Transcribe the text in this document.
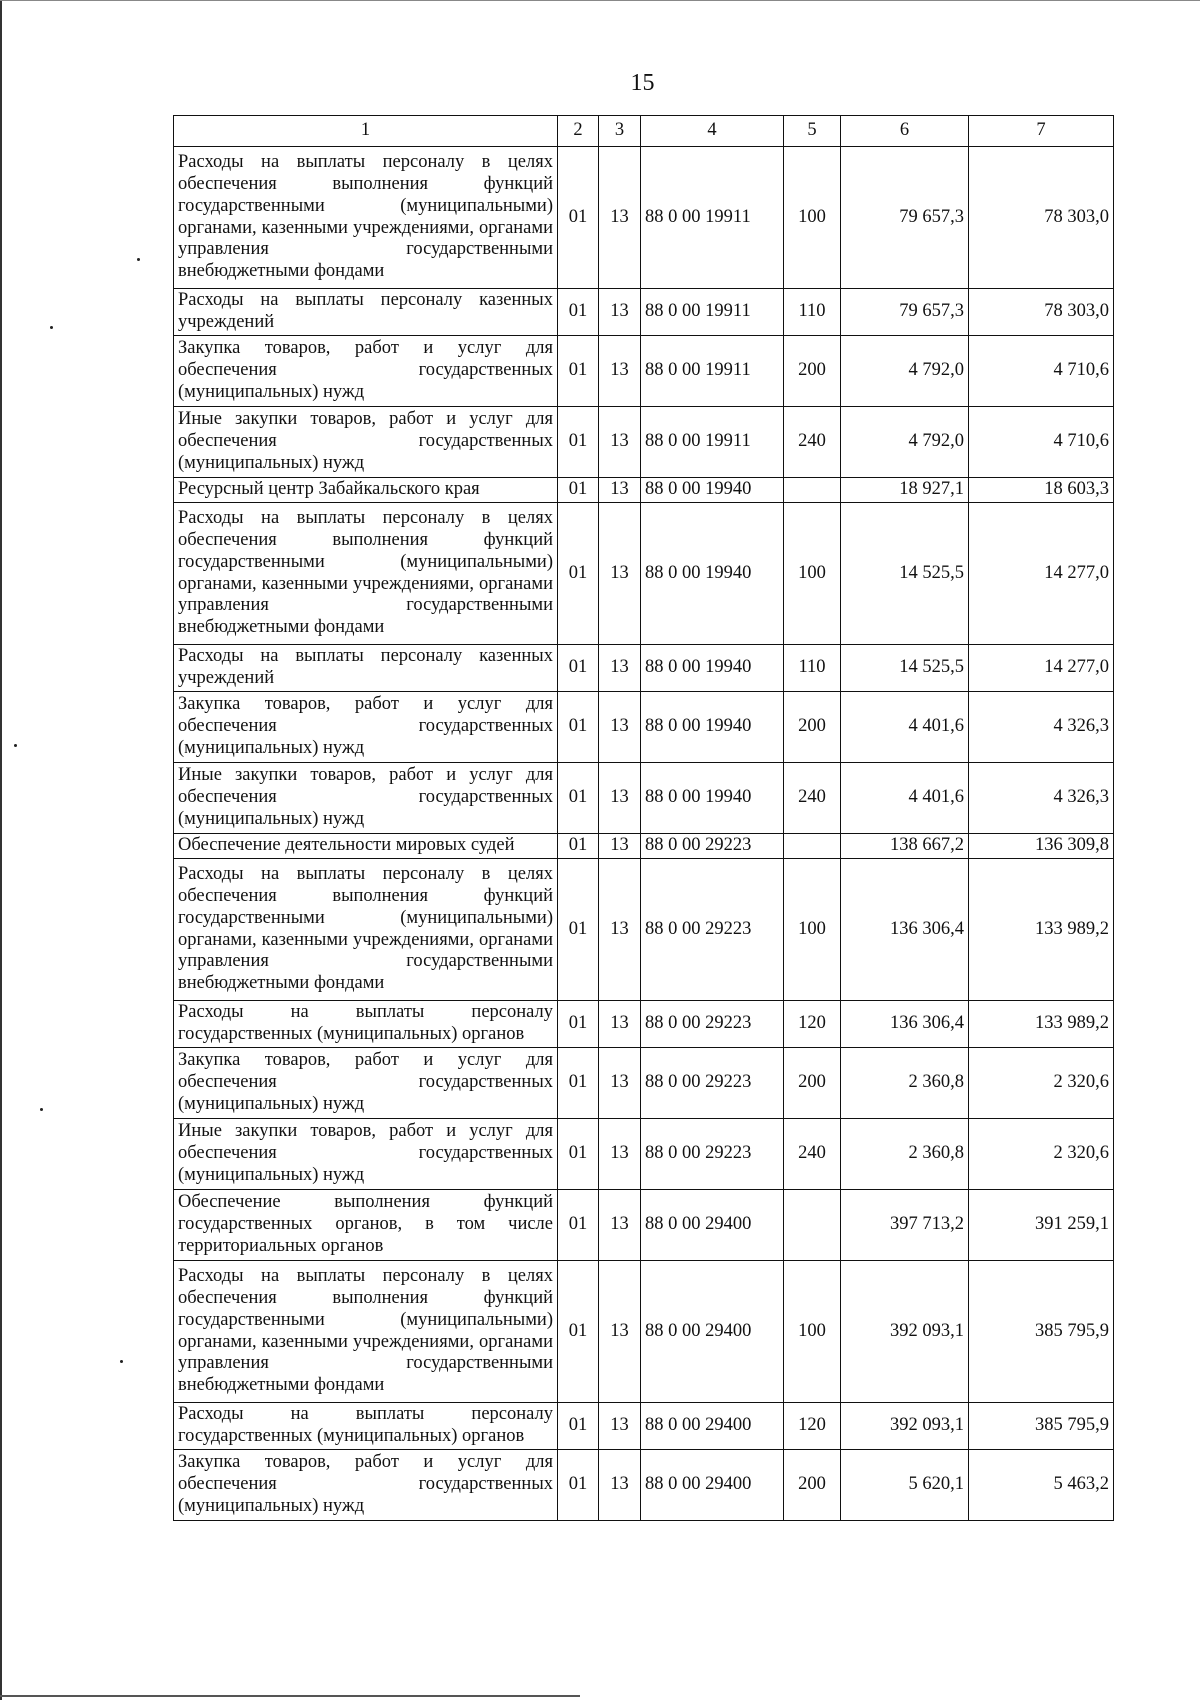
15
1	2	3	4	5	6	7
Расходы на выплаты персоналу в целях обеспечения выполнения функций государственными (муниципальными) органами, казенными учреждениями, органами управления государственными внебюджетными фондами	01	13	88 0 00 19911	100	79 657,3	78 303,0
Расходы на выплаты персоналу казенных учреждений	01	13	88 0 00 19911	110	79 657,3	78 303,0
Закупка товаров, работ и услуг для обеспечения государственных (муниципальных) нужд	01	13	88 0 00 19911	200	4 792,0	4 710,6
Иные закупки товаров, работ и услуг для обеспечения государственных (муниципальных) нужд	01	13	88 0 00 19911	240	4 792,0	4 710,6
Ресурсный центр Забайкальского края	01	13	88 0 00 19940		18 927,1	18 603,3
Расходы на выплаты персоналу в целях обеспечения выполнения функций государственными (муниципальными) органами, казенными учреждениями, органами управления государственными внебюджетными фондами	01	13	88 0 00 19940	100	14 525,5	14 277,0
Расходы на выплаты персоналу казенных учреждений	01	13	88 0 00 19940	110	14 525,5	14 277,0
Закупка товаров, работ и услуг для обеспечения государственных (муниципальных) нужд	01	13	88 0 00 19940	200	4 401,6	4 326,3
Иные закупки товаров, работ и услуг для обеспечения государственных (муниципальных) нужд	01	13	88 0 00 19940	240	4 401,6	4 326,3
Обеспечение деятельности мировых судей	01	13	88 0 00 29223		138 667,2	136 309,8
Расходы на выплаты персоналу в целях обеспечения выполнения функций государственными (муниципальными) органами, казенными учреждениями, органами управления государственными внебюджетными фондами	01	13	88 0 00 29223	100	136 306,4	133 989,2
Расходы на выплаты персоналу государственных (муниципальных) органов	01	13	88 0 00 29223	120	136 306,4	133 989,2
Закупка товаров, работ и услуг для обеспечения государственных (муниципальных) нужд	01	13	88 0 00 29223	200	2 360,8	2 320,6
Иные закупки товаров, работ и услуг для обеспечения государственных (муниципальных) нужд	01	13	88 0 00 29223	240	2 360,8	2 320,6
Обеспечение выполнения функций государственных органов, в том числе территориальных органов	01	13	88 0 00 29400		397 713,2	391 259,1
Расходы на выплаты персоналу в целях обеспечения выполнения функций государственными (муниципальными) органами, казенными учреждениями, органами управления государственными внебюджетными фондами	01	13	88 0 00 29400	100	392 093,1	385 795,9
Расходы на выплаты персоналу государственных (муниципальных) органов	01	13	88 0 00 29400	120	392 093,1	385 795,9
Закупка товаров, работ и услуг для обеспечения государственных (муниципальных) нужд	01	13	88 0 00 29400	200	5 620,1	5 463,2
